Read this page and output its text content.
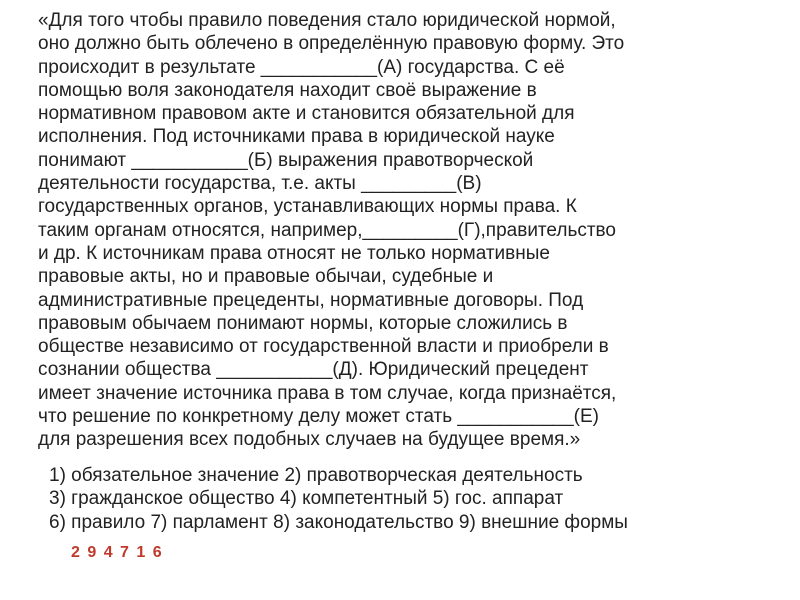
«Для того чтобы правило поведения стало юридической нормой,
оно должно быть облечено в определённую правовую форму. Это
происходит в результате ___________(А) государства. С её
помощью воля законодателя находит своё выражение в
нормативном правовом акте и становится обязательной для
исполнения. Под источниками права в юридической науке
понимают ___________(Б) выражения правотворческой
деятельности государства, т.е. акты _________(В)
государственных органов, устанавливающих нормы права. К
таким органам относятся, например,_________(Г),правительство
и др. К источникам права относят не только нормативные
правовые акты, но и правовые обычаи, судебные и
административные прецеденты, нормативные договоры. Под
правовым обычаем понимают нормы, которые сложились в
обществе независимо от государственной власти и приобрели в
сознании общества ___________(Д). Юридический прецедент
имеет значение источника права в том случае, когда признаётся,
что решение по конкретному делу может стать ___________(Е)
для разрешения всех подобных случаев на будущее время.»
1) обязательное значение 2) правотворческая деятельность
3) гражданское общество 4) компетентный 5) гос. аппарат
6) правило 7) парламент 8) законодательство 9) внешние формы
2 9 4 7 1 6
